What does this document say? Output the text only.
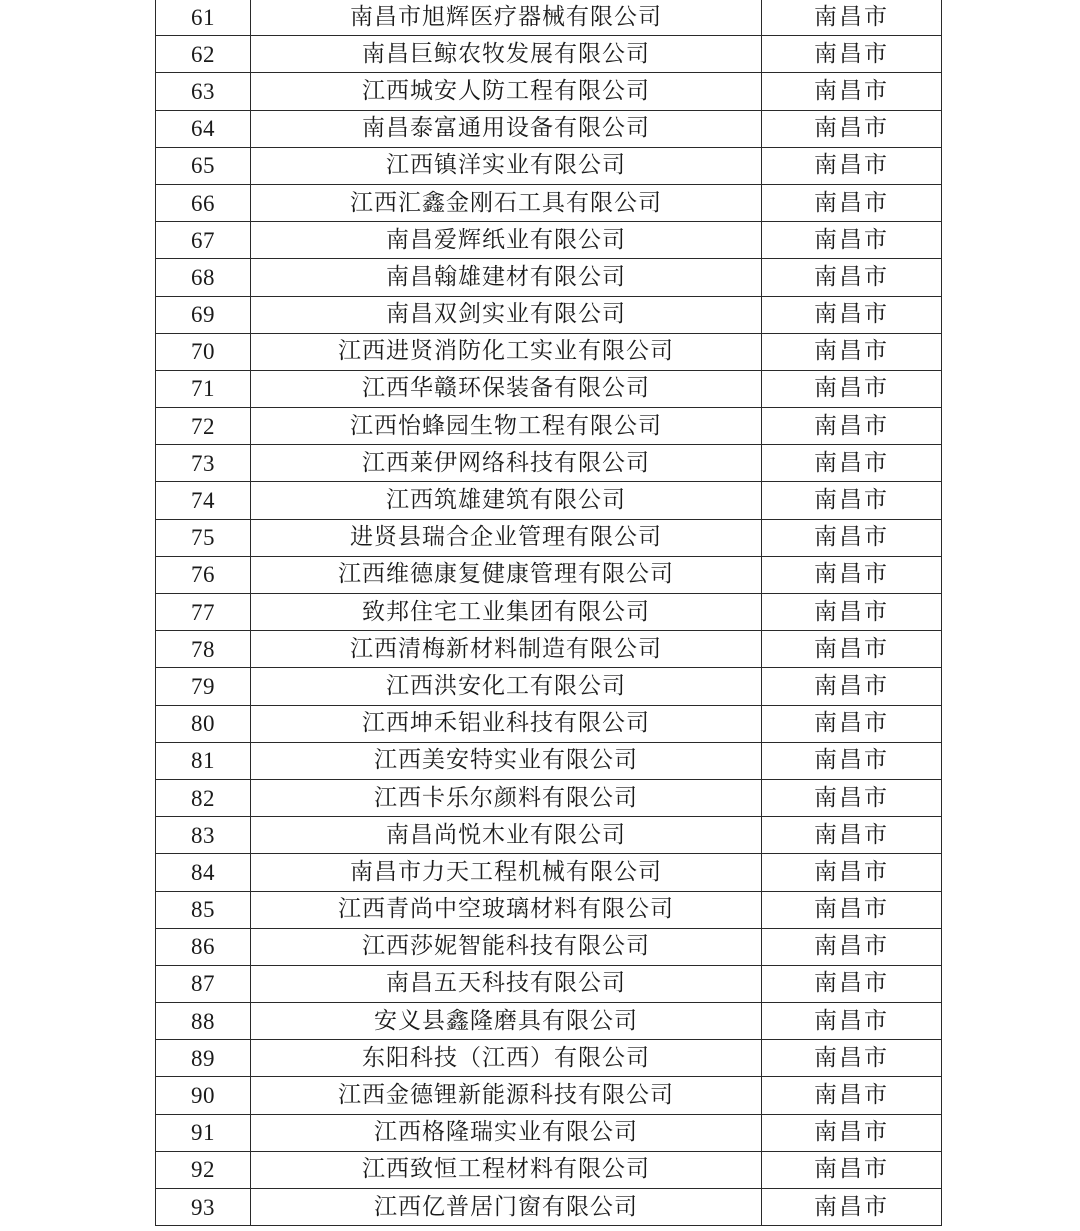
61	南昌市旭辉医疗器械有限公司	南昌市
62	南昌巨鲸农牧发展有限公司	南昌市
63	江西城安人防工程有限公司	南昌市
64	南昌泰富通用设备有限公司	南昌市
65	江西镇洋实业有限公司	南昌市
66	江西汇鑫金刚石工具有限公司	南昌市
67	南昌爱辉纸业有限公司	南昌市
68	南昌翰雄建材有限公司	南昌市
69	南昌双剑实业有限公司	南昌市
70	江西进贤消防化工实业有限公司	南昌市
71	江西华赣环保装备有限公司	南昌市
72	江西怡蜂园生物工程有限公司	南昌市
73	江西莱伊网络科技有限公司	南昌市
74	江西筑雄建筑有限公司	南昌市
75	进贤县瑞合企业管理有限公司	南昌市
76	江西维德康复健康管理有限公司	南昌市
77	致邦住宅工业集团有限公司	南昌市
78	江西清梅新材料制造有限公司	南昌市
79	江西洪安化工有限公司	南昌市
80	江西坤禾铝业科技有限公司	南昌市
81	江西美安特实业有限公司	南昌市
82	江西卡乐尔颜料有限公司	南昌市
83	南昌尚悦木业有限公司	南昌市
84	南昌市力天工程机械有限公司	南昌市
85	江西青尚中空玻璃材料有限公司	南昌市
86	江西莎妮智能科技有限公司	南昌市
87	南昌五天科技有限公司	南昌市
88	安义县鑫隆磨具有限公司	南昌市
89	东阳科技（江西）有限公司	南昌市
90	江西金德锂新能源科技有限公司	南昌市
91	江西格隆瑞实业有限公司	南昌市
92	江西致恒工程材料有限公司	南昌市
93	江西亿普居门窗有限公司	南昌市
